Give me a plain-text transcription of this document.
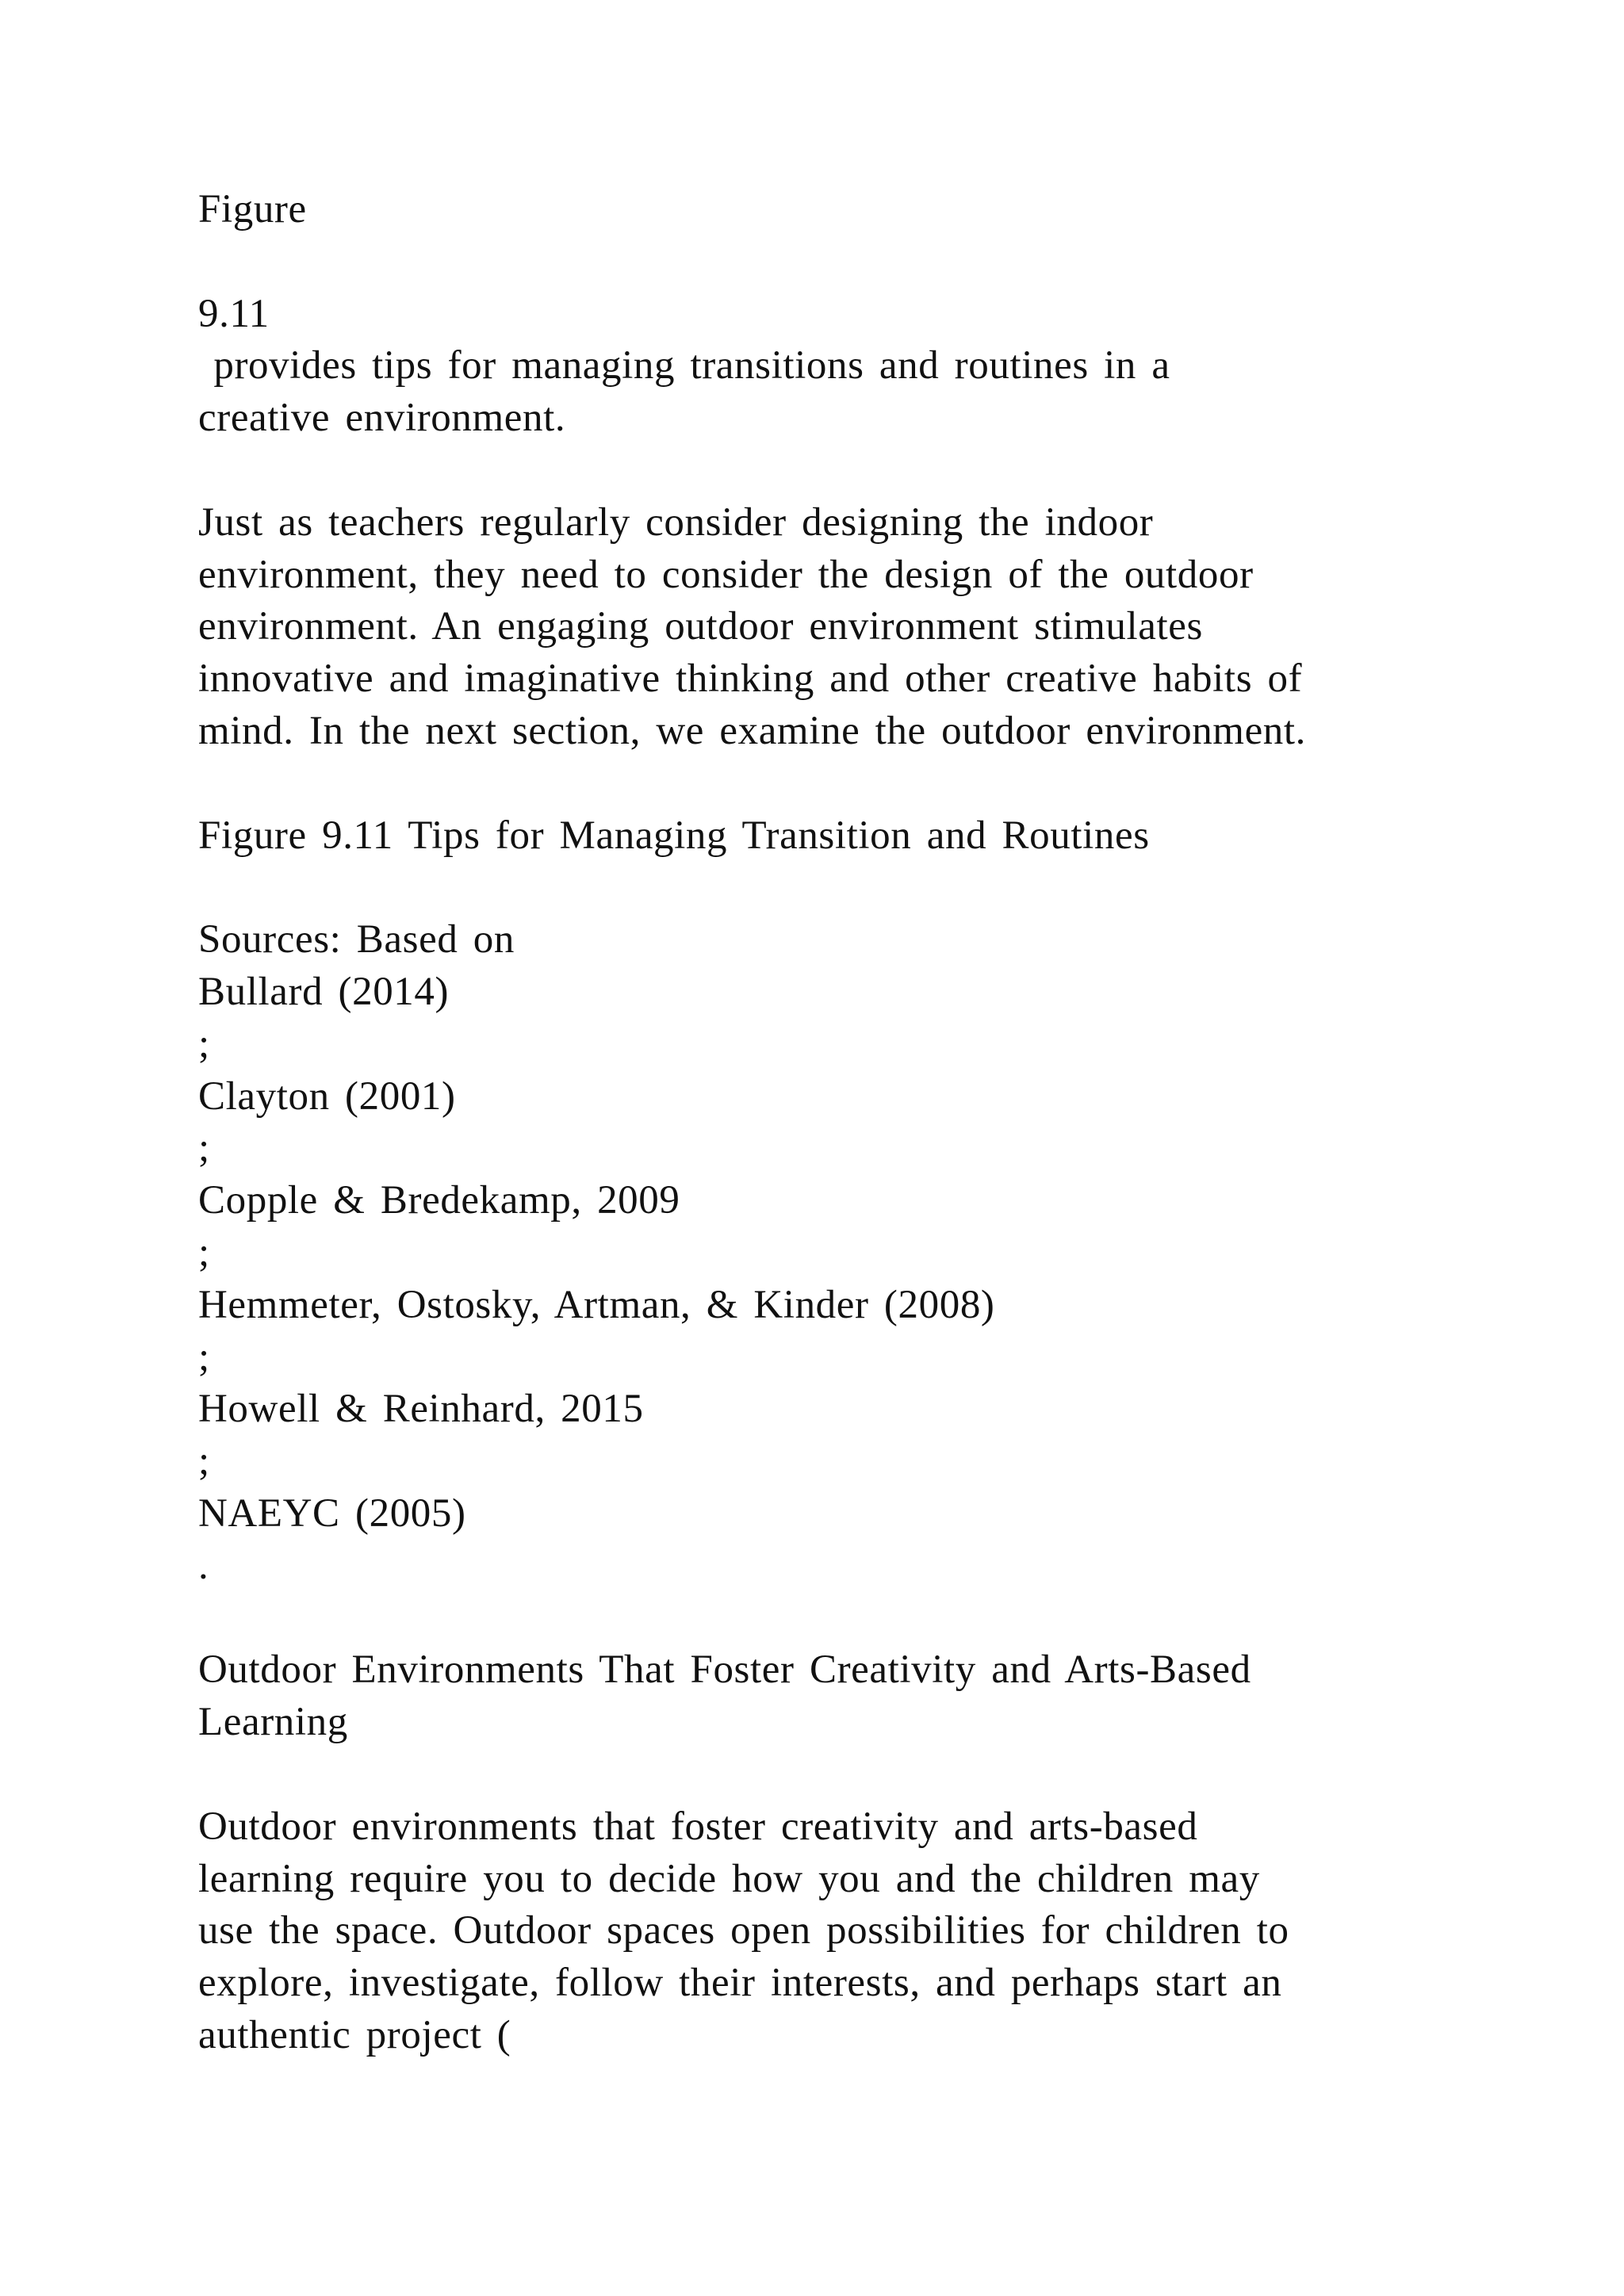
Figure
9.11
provides tips for managing transitions and routines in a
creative environment.
Just as teachers regularly consider designing the indoor
environment, they need to consider the design of the outdoor
environment. An engaging outdoor environment stimulates
innovative and imaginative thinking and other creative habits of
mind. In the next section, we examine the outdoor environment.
Figure 9.11 Tips for Managing Transition and Routines
Sources: Based on
Bullard (2014)
;
Clayton (2001)
;
Copple & Bredekamp, 2009
;
Hemmeter, Ostosky, Artman, & Kinder (2008)
;
Howell & Reinhard, 2015
;
NAEYC (2005)
.
Outdoor Environments That Foster Creativity and Arts-Based
Learning
Outdoor environments that foster creativity and arts-based
learning require you to decide how you and the children may
use the space. Outdoor spaces open possibilities for children to
explore, investigate, follow their interests, and perhaps start an
authentic project (
